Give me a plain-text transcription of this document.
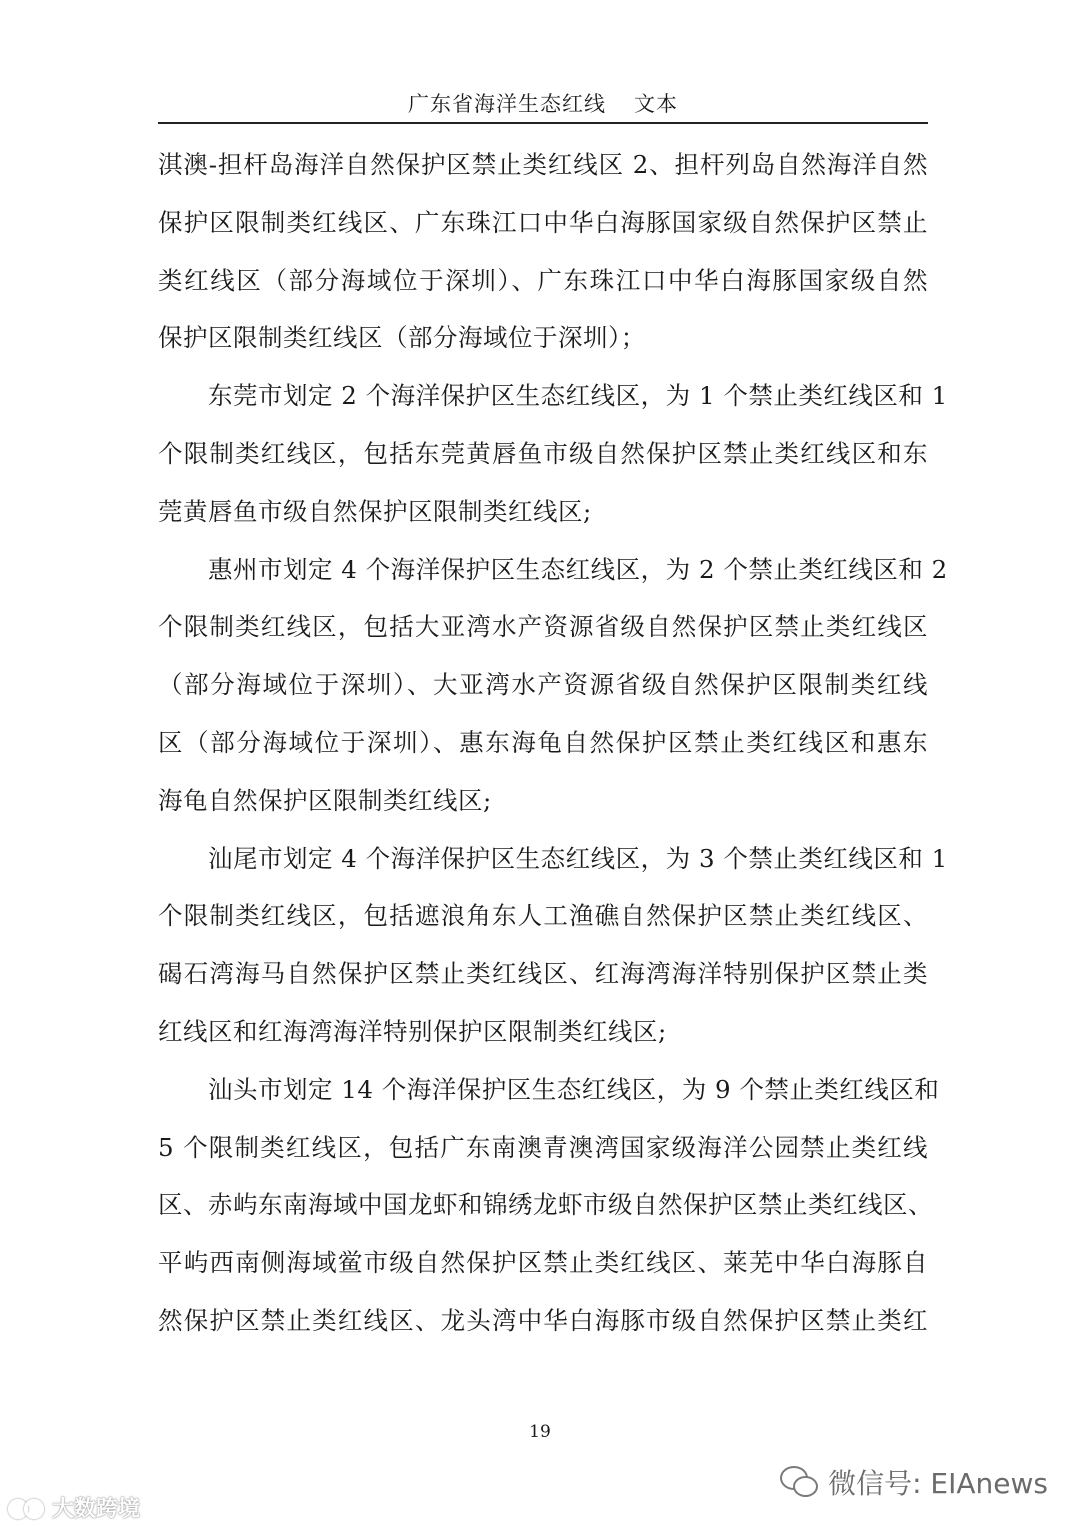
广东省海洋生态红线 文本
淇澳-担杆岛海洋自然保护区禁止类红线区 2、担杆列岛自然海洋自然
保护区限制类红线区、广东珠江口中华白海豚国家级自然保护区禁止
类红线区（部分海域位于深圳）、广东珠江口中华白海豚国家级自然
保护区限制类红线区（部分海域位于深圳）；
东莞市划定 2 个海洋保护区生态红线区，为 1 个禁止类红线区和 1
个限制类红线区，包括东莞黄唇鱼市级自然保护区禁止类红线区和东
莞黄唇鱼市级自然保护区限制类红线区;
惠州市划定 4 个海洋保护区生态红线区，为 2 个禁止类红线区和 2
个限制类红线区，包括大亚湾水产资源省级自然保护区禁止类红线区
（部分海域位于深圳）、大亚湾水产资源省级自然保护区限制类红线
区（部分海域位于深圳）、惠东海龟自然保护区禁止类红线区和惠东
海龟自然保护区限制类红线区;
汕尾市划定 4 个海洋保护区生态红线区，为 3 个禁止类红线区和 1
个限制类红线区，包括遮浪角东人工渔礁自然保护区禁止类红线区、
碣石湾海马自然保护区禁止类红线区、红海湾海洋特别保护区禁止类
红线区和红海湾海洋特别保护区限制类红线区;
汕头市划定 14 个海洋保护区生态红线区，为 9 个禁止类红线区和
5 个限制类红线区，包括广东南澳青澳湾国家级海洋公园禁止类红线
区、赤屿东南海域中国龙虾和锦绣龙虾市级自然保护区禁止类红线区、
平屿西南侧海域鲎市级自然保护区禁止类红线区、莱芜中华白海豚自
然保护区禁止类红线区、龙头湾中华白海豚市级自然保护区禁止类红
19
微信号: EIAnews
大数跨境
